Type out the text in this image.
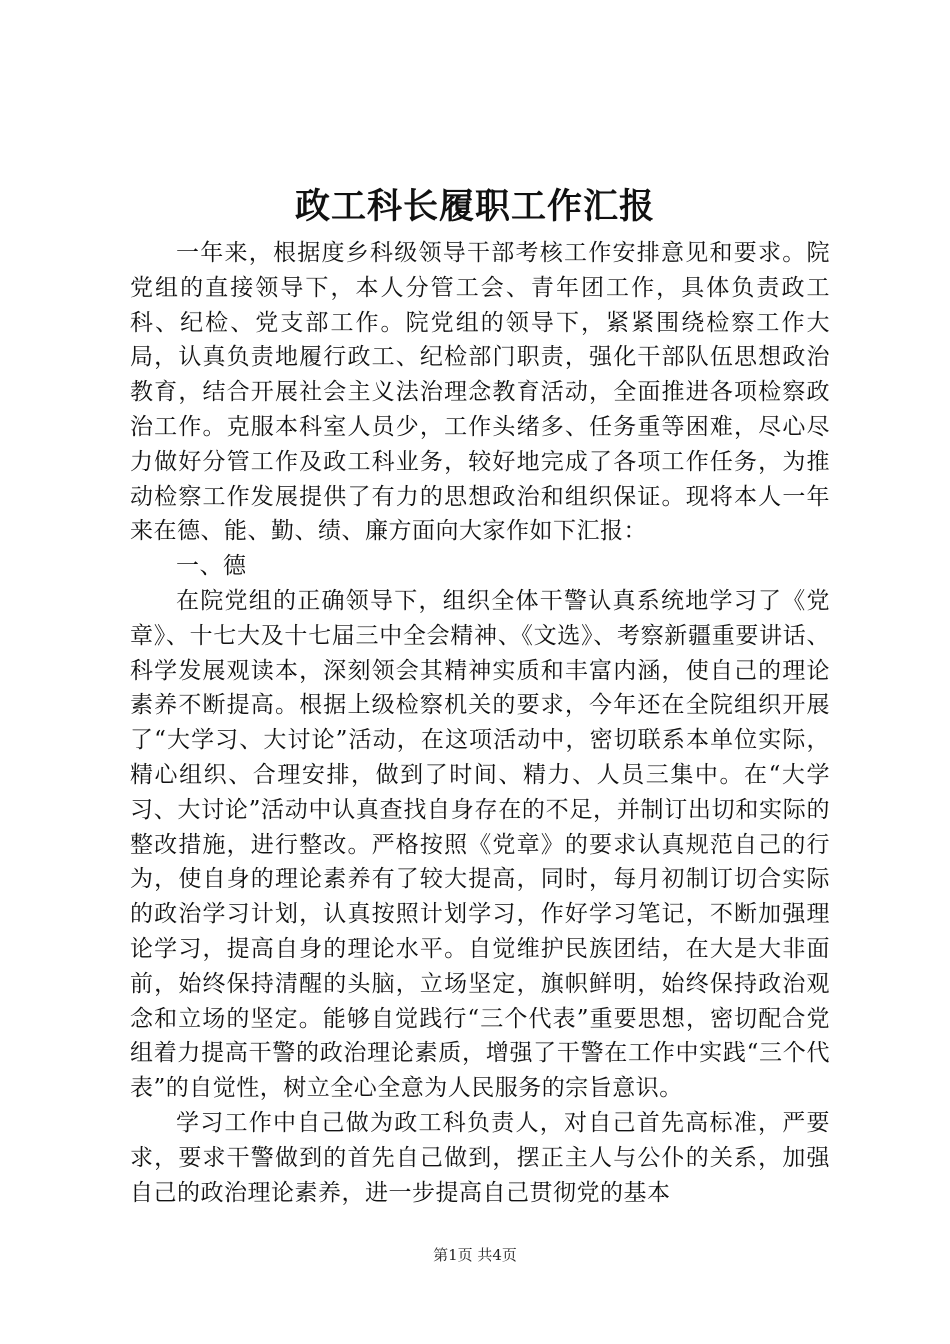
政工科长履职工作汇报

一年来，根据度乡科级领导干部考核工作安排意见和要求。院党组的直接领导下，本人分管工会、青年团工作，具体负责政工科、纪检、党支部工作。院党组的领导下，紧紧围绕检察工作大局，认真负责地履行政工、纪检部门职责，强化干部队伍思想政治教育，结合开展社会主义法治理念教育活动，全面推进各项检察政治工作。克服本科室人员少，工作头绪多、任务重等困难，尽心尽力做好分管工作及政工科业务，较好地完成了各项工作任务，为推动检察工作发展提供了有力的思想政治和组织保证。现将本人一年来在德、能、勤、绩、廉方面向大家作如下汇报：

一、德

在院党组的正确领导下，组织全体干警认真系统地学习了《党章》、十七大及十七届三中全会精神、《文选》、考察新疆重要讲话、科学发展观读本，深刻领会其精神实质和丰富内涵，使自己的理论素养不断提高。根据上级检察机关的要求，今年还在全院组织开展了“大学习、大讨论”活动，在这项活动中，密切联系本单位实际，精心组织、合理安排，做到了时间、精力、人员三集中。在“大学习、大讨论”活动中认真查找自身存在的不足，并制订出切和实际的整改措施，进行整改。严格按照《党章》的要求认真规范自己的行为，使自身的理论素养有了较大提高，同时，每月初制订切合实际的政治学习计划，认真按照计划学习，作好学习笔记，不断加强理论学习，提高自身的理论水平。自觉维护民族团结，在大是大非面前，始终保持清醒的头脑，立场坚定，旗帜鲜明，始终保持政治观念和立场的坚定。能够自觉践行“三个代表”重要思想，密切配合党组着力提高干警的政治理论素质，增强了干警在工作中实践“三个代表”的自觉性，树立全心全意为人民服务的宗旨意识。

学习工作中自己做为政工科负责人，对自己首先高标准，严要求，要求干警做到的首先自己做到，摆正主人与公仆的关系，加强自己的政治理论素养，进一步提高自己贯彻党的基本

第1页 共4页
